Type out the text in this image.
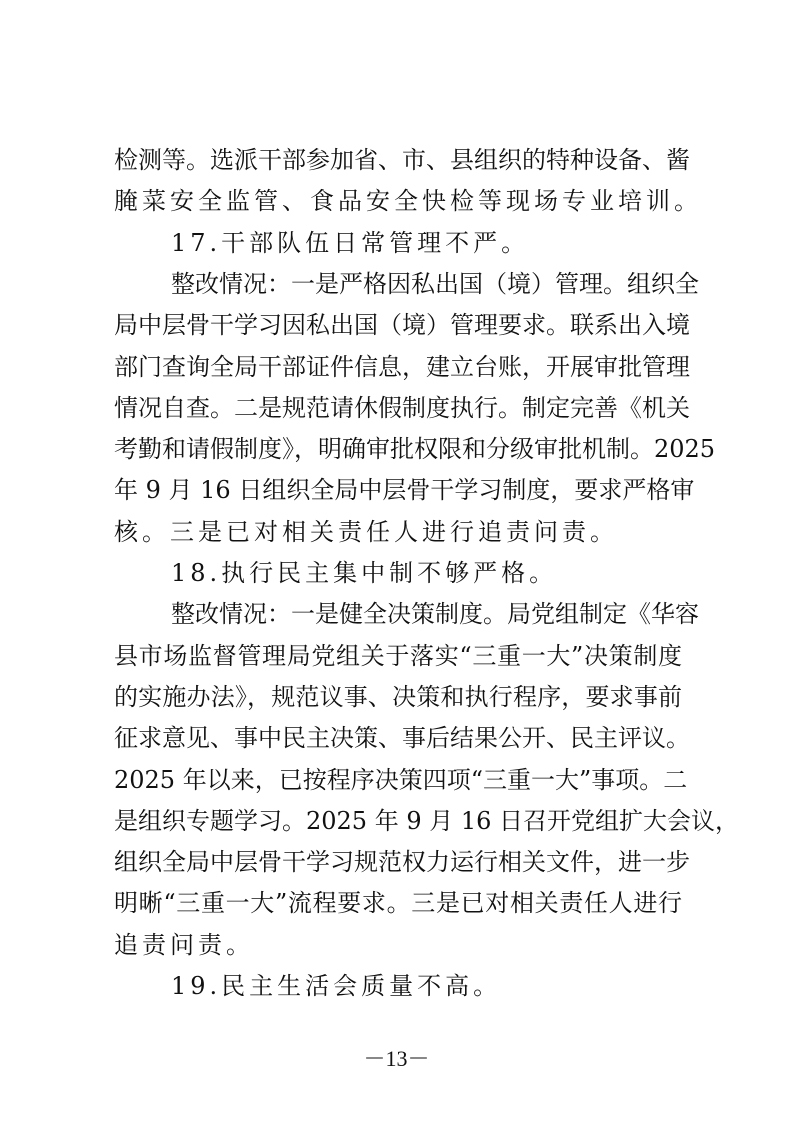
－13－
检测等。选派干部参加省、市、县组织的特种设备、酱
腌菜安全监管、食品安全快检等现场专业培训。
17.干部队伍日常管理不严。
整改情况：一是严格因私出国（境）管理。组织全
局中层骨干学习因私出国（境）管理要求。联系出入境
部门查询全局干部证件信息，建立台账，开展审批管理
情况自查。二是规范请休假制度执行。制定完善《机关
考勤和请假制度》，明确审批权限和分级审批机制。2025
年 9 月 16 日组织全局中层骨干学习制度，要求严格审
核。三是已对相关责任人进行追责问责。
18.执行民主集中制不够严格。
整改情况：一是健全决策制度。局党组制定《华容
县市场监督管理局党组关于落实“三重一大”决策制度
的实施办法》，规范议事、决策和执行程序，要求事前
征求意见、事中民主决策、事后结果公开、民主评议。
2025 年以来，已按程序决策四项“三重一大”事项。二
是组织专题学习。2025 年 9 月 16 日召开党组扩大会议，
组织全局中层骨干学习规范权力运行相关文件，进一步
明晰“三重一大”流程要求。三是已对相关责任人进行
追责问责。
19.民主生活会质量不高。
